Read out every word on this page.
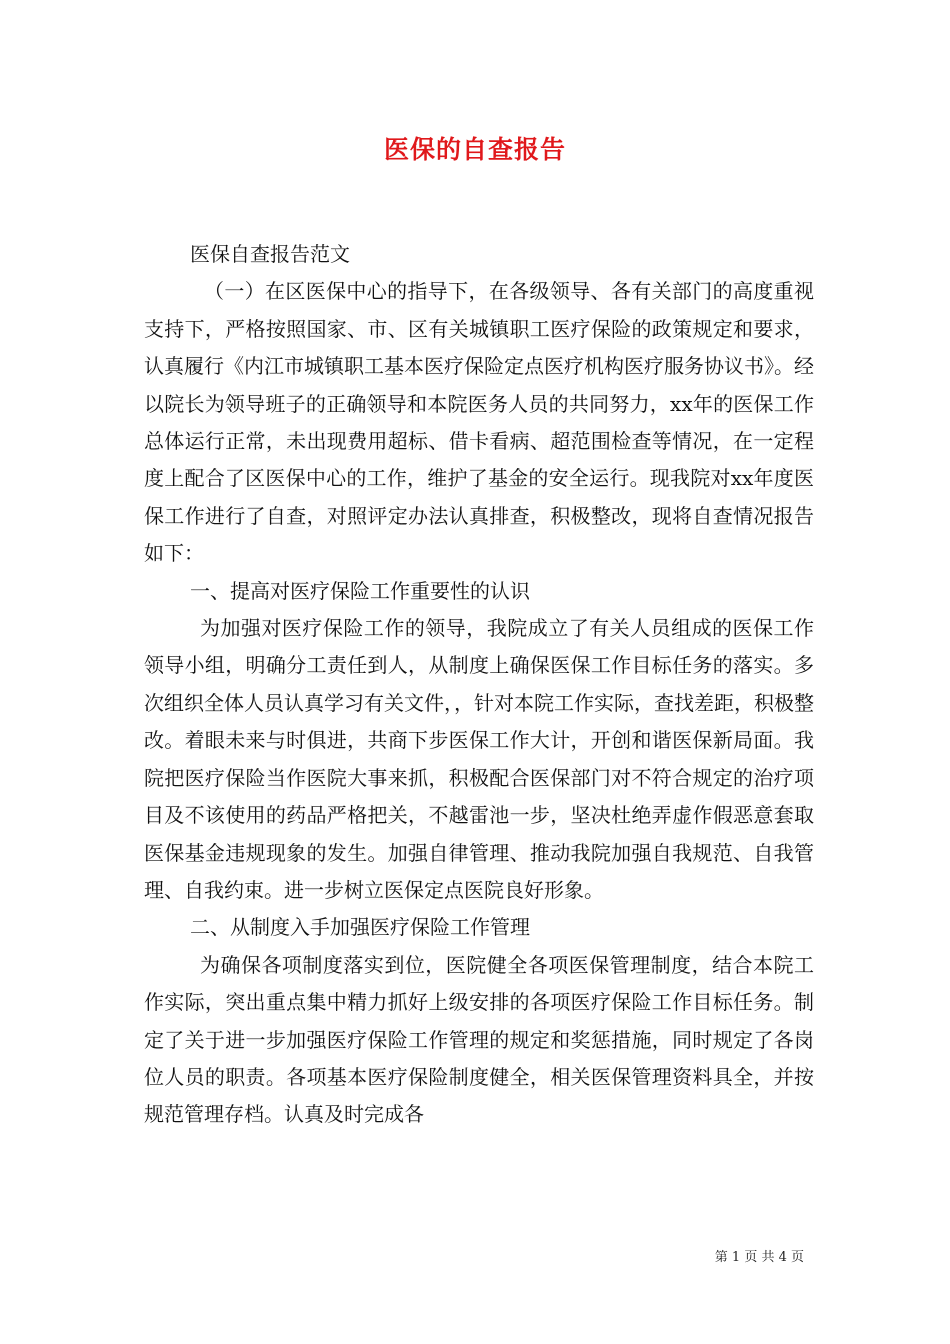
医保的自查报告

医保自查报告范文

（一）在区医保中心的指导下，在各级领导、各有关部门的高度重视支持下，严格按照国家、市、区有关城镇职工医疗保险的政策规定和要求，认真履行《内江市城镇职工基本医疗保险定点医疗机构医疗服务协议书》。经以院长为领导班子的正确领导和本院医务人员的共同努力，xx年的医保工作总体运行正常，未出现费用超标、借卡看病、超范围检查等情况，在一定程度上配合了区医保中心的工作，维护了基金的安全运行。现我院对xx年度医保工作进行了自查，对照评定办法认真排查，积极整改，现将自查情况报告如下：

一、提高对医疗保险工作重要性的认识

为加强对医疗保险工作的领导，我院成立了有关人员组成的医保工作领导小组，明确分工责任到人，从制度上确保医保工作目标任务的落实。多次组织全体人员认真学习有关文件，，针对本院工作实际，查找差距，积极整改。着眼未来与时俱进，共商下步医保工作大计，开创和谐医保新局面。我院把医疗保险当作医院大事来抓，积极配合医保部门对不符合规定的治疗项目及不该使用的药品严格把关，不越雷池一步，坚决杜绝弄虚作假恶意套取医保基金违规现象的发生。加强自律管理、推动我院加强自我规范、自我管理、自我约束。进一步树立医保定点医院良好形象。

二、从制度入手加强医疗保险工作管理

为确保各项制度落实到位，医院健全各项医保管理制度，结合本院工作实际，突出重点集中精力抓好上级安排的各项医疗保险工作目标任务。制定了关于进一步加强医疗保险工作管理的规定和奖惩措施，同时规定了各岗位人员的职责。各项基本医疗保险制度健全，相关医保管理资料具全，并按规范管理存档。认真及时完成各

第 1 页 共 4 页
